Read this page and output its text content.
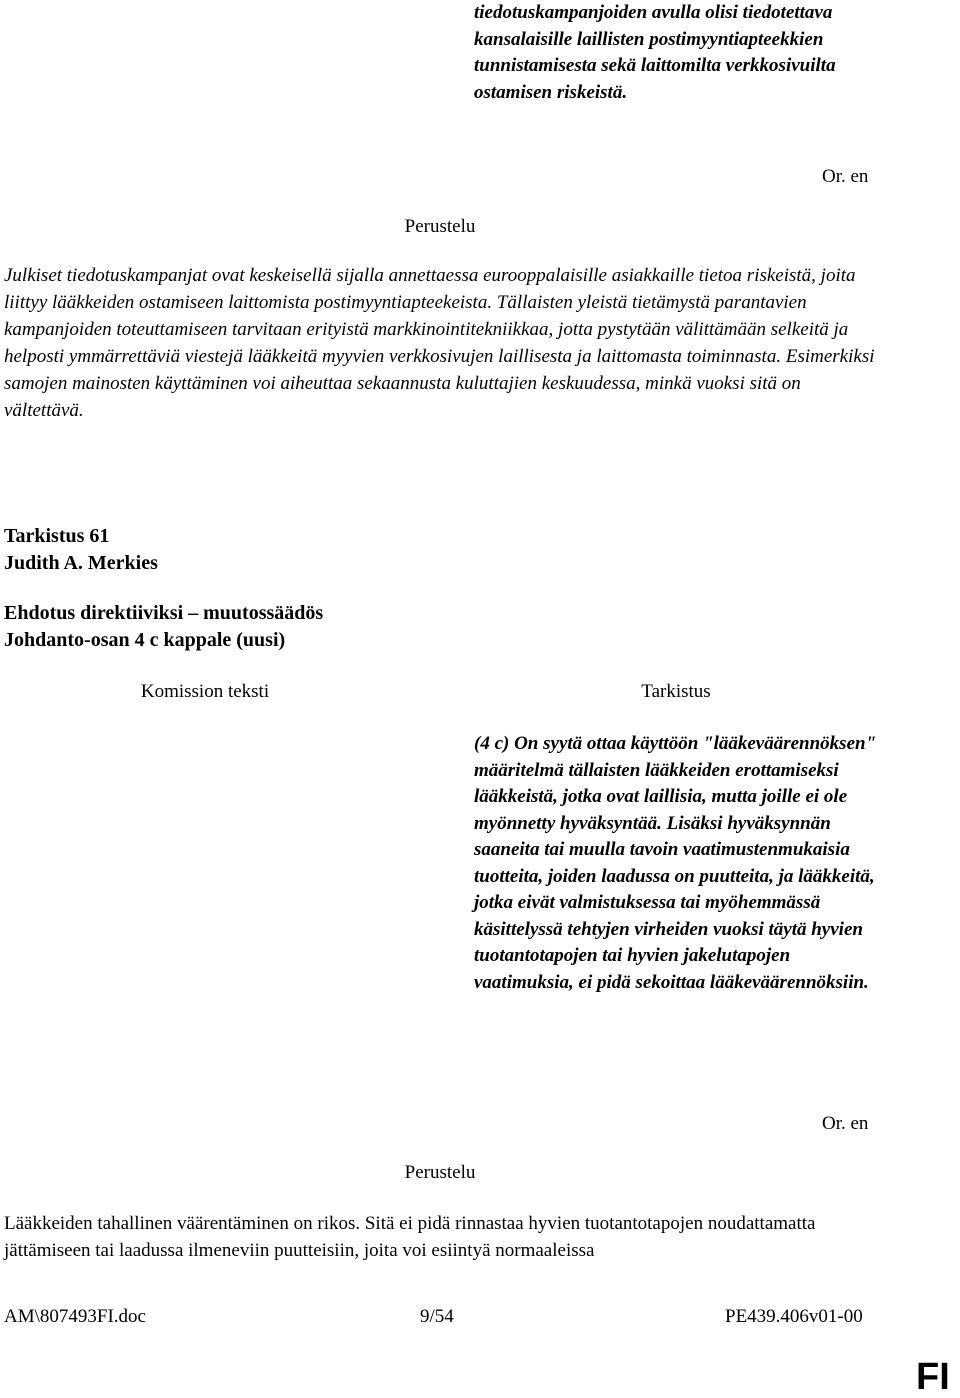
tiedotuskampanjoiden avulla olisi tiedotettava kansalaisille laillisten postimyyntiapteekkien tunnistamisesta sekä laittomilta verkkosivuilta ostamisen riskeistä.
Or. en
Perustelu

Julkiset tiedotuskampanjat ovat keskeisellä sijalla annettaessa eurooppalaisille asiakkaille tietoa riskeistä, joita liittyy lääkkeiden ostamiseen laittomista postimyyntiapteekeista. Tällaisten yleistä tietämystä parantavien kampanjoiden toteuttamiseen tarvitaan erityistä markkinointitekniikkaa, jotta pystytään välittämään selkeitä ja helposti ymmärrettäviä viestejä lääkkeitä myyvien verkkosivujen laillisesta ja laittomasta toiminnasta. Esimerkiksi samojen mainosten käyttäminen voi aiheuttaa sekaannusta kuluttajien keskuudessa, minkä vuoksi sitä on vältettävä.

Tarkistus 61
Judith A. Merkies
Ehdotus direktiiviksi – muutossäädös
Johdanto-osan 4 c kappale (uusi)
Komission teksti	Tarkistus
(4 c) On syytä ottaa käyttöön "lääkeväärennöksen" määritelmä tällaisten lääkkeiden erottamiseksi lääkkeistä, jotka ovat laillisia, mutta joille ei ole myönnetty hyväksyntää. Lisäksi hyväksynnän saaneita tai muulla tavoin vaatimustenmukaisia tuotteita, joiden laadussa on puutteita, ja lääkkeitä, jotka eivät valmistuksessa tai myöhemmässä käsittelyssä tehtyjen virheiden vuoksi täytä hyvien tuotantotapojen tai hyvien jakelutapojen vaatimuksia, ei pidä sekoittaa lääkeväärennöksiin.
Or. en
Perustelu

Lääkkeiden tahallinen väärentäminen on rikos. Sitä ei pidä rinnastaa hyvien tuotantotapojen noudattamatta jättämiseen tai laadussa ilmeneviin puutteisiin, joita voi esiintyä normaaleissa

AM\807493FI.doc	9/54	PE439.406v01-00
FI
